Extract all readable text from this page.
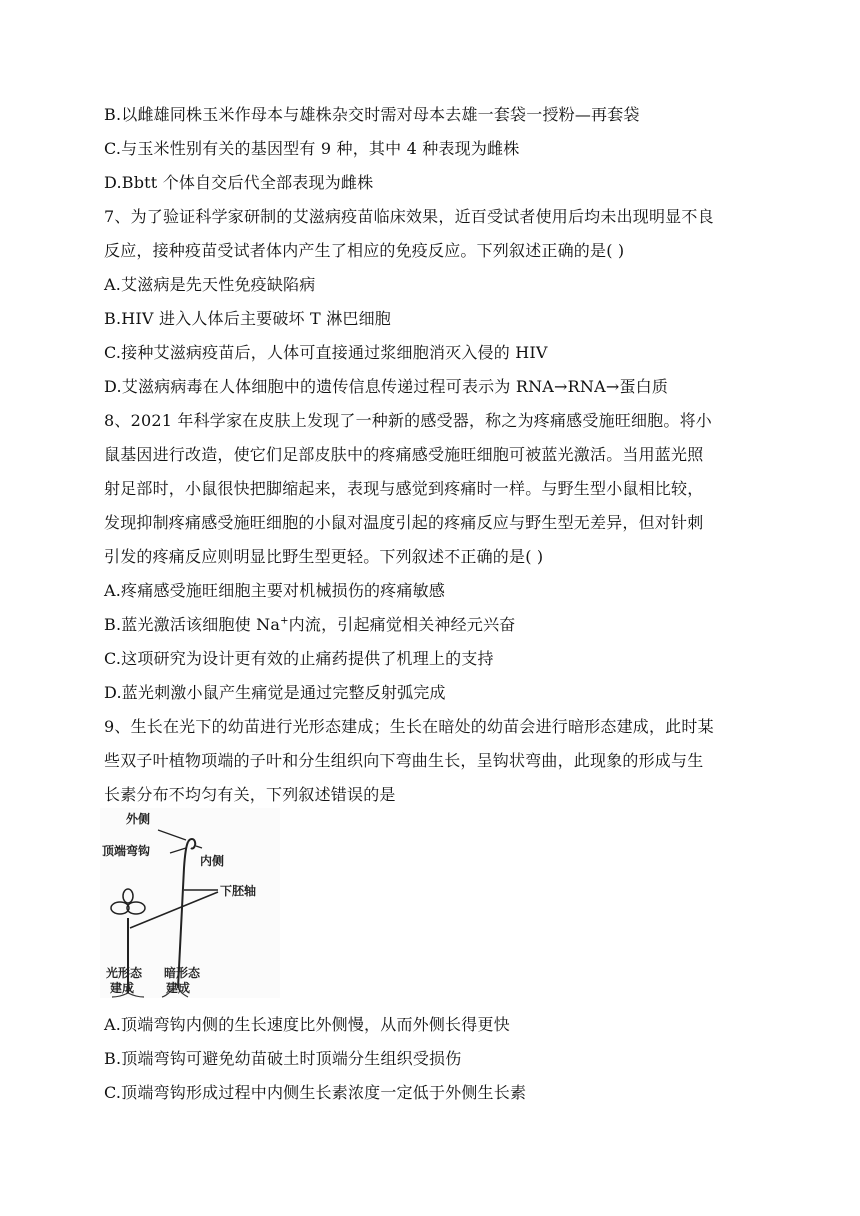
B.以雌雄同株玉米作母本与雄株杂交时需对母本去雄一套袋一授粉—再套袋
C.与玉米性别有关的基因型有 9 种，其中 4 种表现为雌株
D.Bbtt 个体自交后代全部表现为雌株
7、为了验证科学家研制的艾滋病疫苗临床效果，近百受试者使用后均未出现明显不良
反应，接种疫苗受试者体内产生了相应的免疫反应。下列叙述正确的是( )
A.艾滋病是先天性免疫缺陷病
B.HIV 进入人体后主要破坏 T 淋巴细胞
C.接种艾滋病疫苗后，人体可直接通过浆细胞消灭入侵的 HIV
D.艾滋病病毒在人体细胞中的遗传信息传递过程可表示为 RNA→RNA→蛋白质
8、2021 年科学家在皮肤上发现了一种新的感受器，称之为疼痛感受施旺细胞。将小
鼠基因进行改造，使它们足部皮肤中的疼痛感受施旺细胞可被蓝光激活。当用蓝光照
射足部时，小鼠很快把脚缩起来，表现与感觉到疼痛时一样。与野生型小鼠相比较，
发现抑制疼痛感受施旺细胞的小鼠对温度引起的疼痛反应与野生型无差异，但对针刺
引发的疼痛反应则明显比野生型更轻。下列叙述不正确的是( )
A.疼痛感受施旺细胞主要对机械损伤的疼痛敏感
B.蓝光激活该细胞使 Na+内流，引起痛觉相关神经元兴奋
C.这项研究为设计更有效的止痛药提供了机理上的支持
D.蓝光刺激小鼠产生痛觉是通过完整反射弧完成
9、生长在光下的幼苗进行光形态建成；生长在暗处的幼苗会进行暗形态建成，此时某
些双子叶植物项端的子叶和分生组织向下弯曲生长，呈钩状弯曲，此现象的形成与生
长素分布不均匀有关，下列叙述错误的是
外侧
顶端弯钩
内侧
下胚轴
光形态
建成
暗形态
建成
A.顶端弯钩内侧的生长速度比外侧慢，从而外侧长得更快
B.顶端弯钩可避免幼苗破土时顶端分生组织受损伤
C.顶端弯钩形成过程中内侧生长素浓度一定低于外侧生长素
